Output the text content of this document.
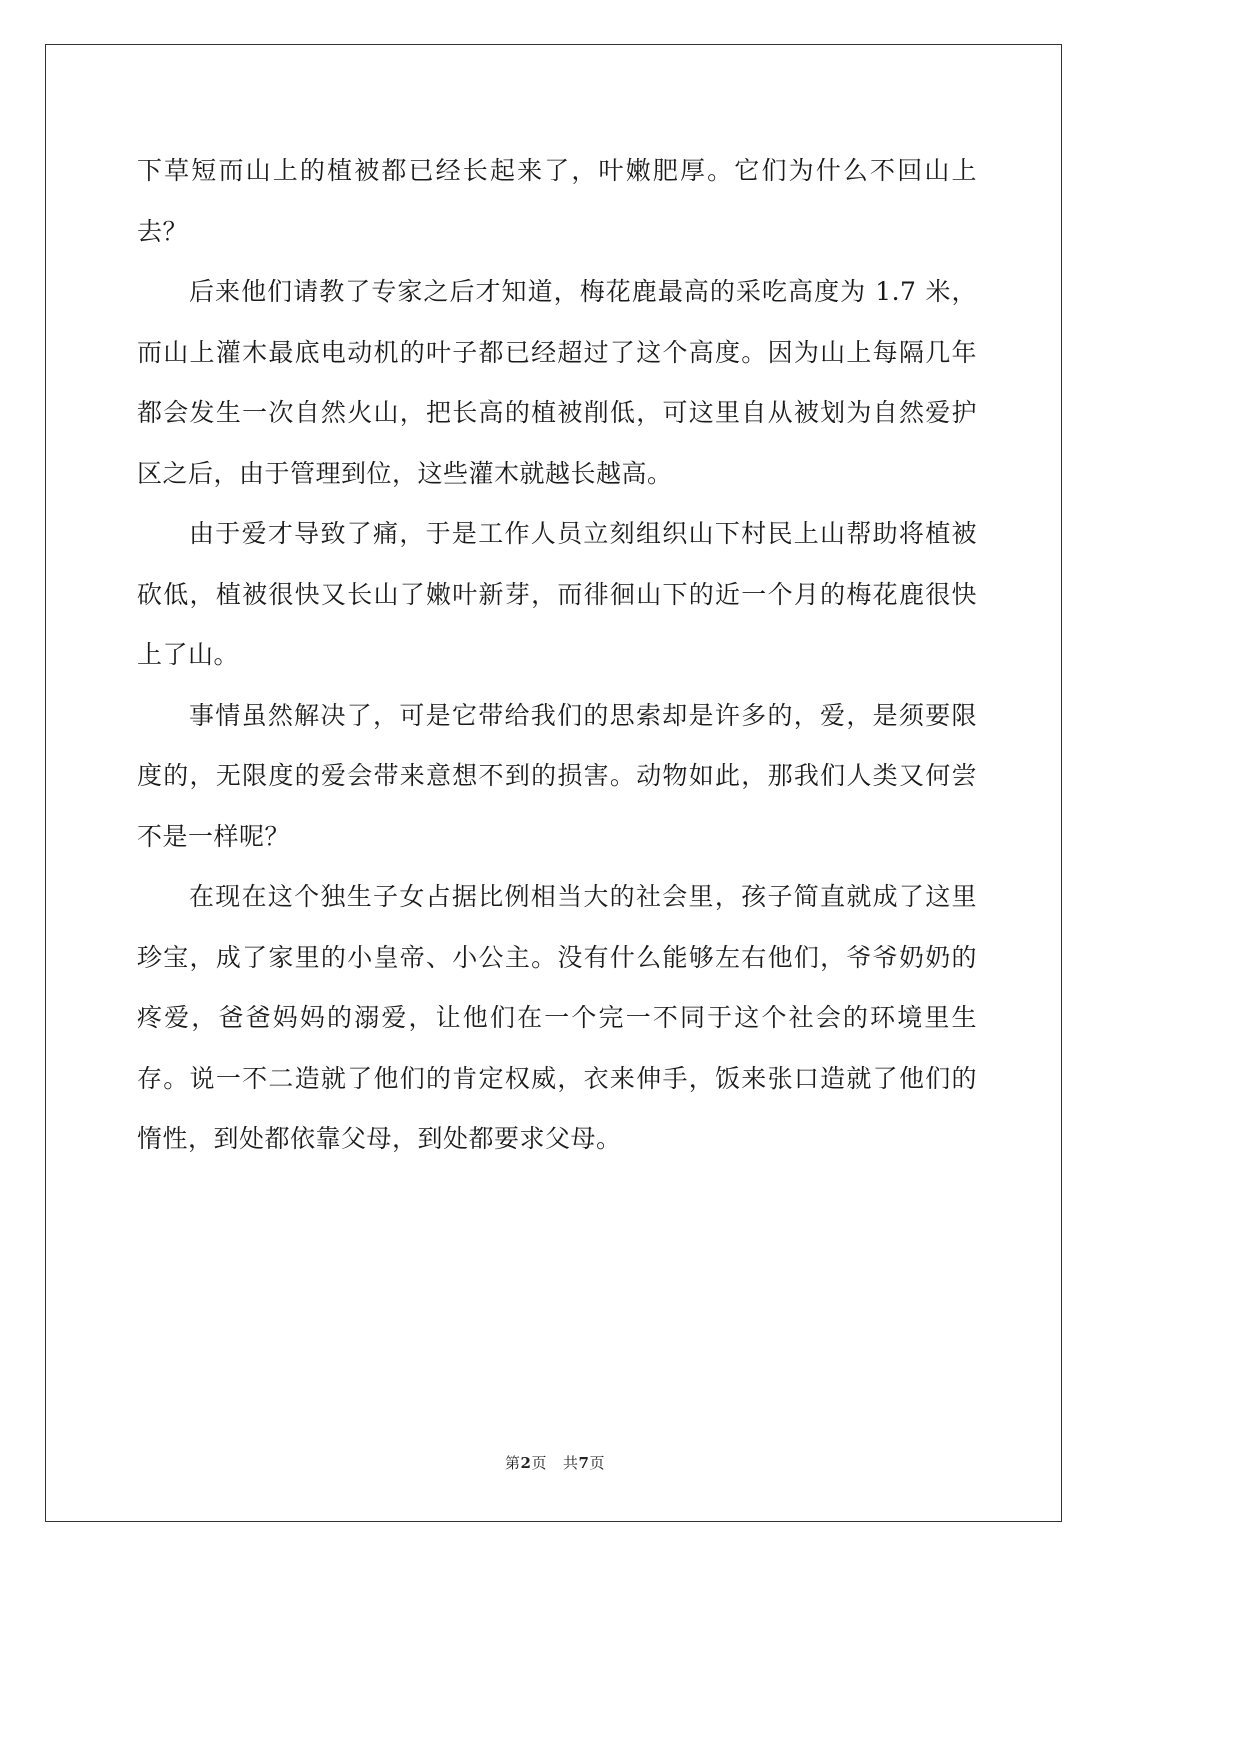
下草短而山上的植被都已经长起来了，叶嫩肥厚。它们为什么不回山上去？

后来他们请教了专家之后才知道，梅花鹿最高的采吃高度为 1.7 米，而山上灌木最底电动机的叶子都已经超过了这个高度。因为山上每隔几年都会发生一次自然火山，把长高的植被削低，可这里自从被划为自然爱护区之后，由于管理到位，这些灌木就越长越高。

由于爱才导致了痛，于是工作人员立刻组织山下村民上山帮助将植被砍低，植被很快又长山了嫩叶新芽，而徘徊山下的近一个月的梅花鹿很快上了山。

事情虽然解决了，可是它带给我们的思索却是许多的，爱，是须要限度的，无限度的爱会带来意想不到的损害。动物如此，那我们人类又何尝不是一样呢？

在现在这个独生子女占据比例相当大的社会里，孩子简直就成了这里珍宝，成了家里的小皇帝、小公主。没有什么能够左右他们，爷爷奶奶的疼爱，爸爸妈妈的溺爱，让他们在一个完一不同于这个社会的环境里生存。说一不二造就了他们的肯定权威，衣来伸手，饭来张口造就了他们的惰性，到处都依靠父母，到处都要求父母。

第2页 共7页
